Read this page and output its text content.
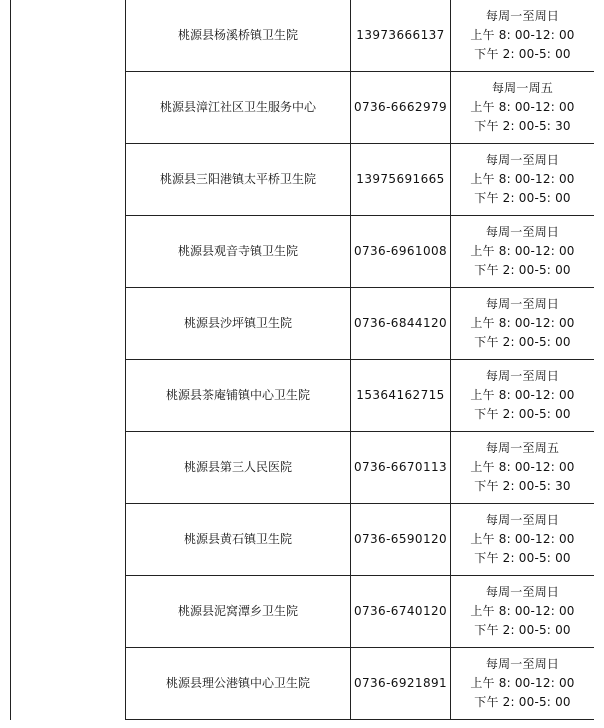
	桃源县杨溪桥镇卫生院	13973666137	每周一至周日
上午 8: 00-12: 00
下午 2: 00-5: 00

	桃源县漳江社区卫生服务中心	0736-6662979	每周一周五
上午 8: 00-12: 00
下午 2: 00-5: 30

	桃源县三阳港镇太平桥卫生院	13975691665	每周一至周日
上午 8: 00-12: 00
下午 2: 00-5: 00

	桃源县观音寺镇卫生院	0736-6961008	每周一至周日
上午 8: 00-12: 00
下午 2: 00-5: 00

	桃源县沙坪镇卫生院	0736-6844120	每周一至周日
上午 8: 00-12: 00
下午 2: 00-5: 00

	桃源县茶庵铺镇中心卫生院	15364162715	每周一至周日
上午 8: 00-12: 00
下午 2: 00-5: 00

	桃源县第三人民医院	0736-6670113	每周一至周五
上午 8: 00-12: 00
下午 2: 00-5: 30

	桃源县黄石镇卫生院	0736-6590120	每周一至周日
上午 8: 00-12: 00
下午 2: 00-5: 00

	桃源县泥窝潭乡卫生院	0736-6740120	每周一至周日
上午 8: 00-12: 00
下午 2: 00-5: 00

	桃源县理公港镇中心卫生院	0736-6921891	每周一至周日
上午 8: 00-12: 00
下午 2: 00-5: 00
